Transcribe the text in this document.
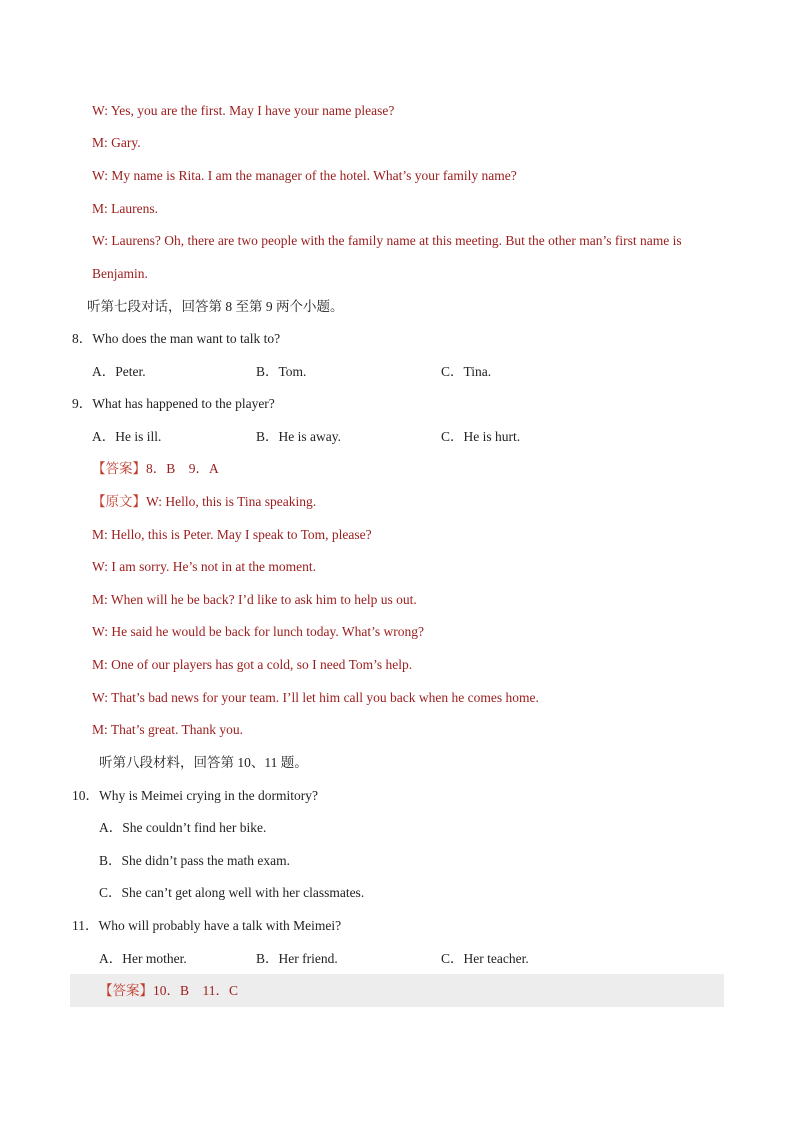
W: Yes, you are the first. May I have your name please?
M: Gary.
W: My name is Rita. I am the manager of the hotel. What’s your family name?
M: Laurens.
W: Laurens? Oh, there are two people with the family name at this meeting. But the other man’s first name is
Benjamin.
听第七段对话，回答第 8 至第 9 两个小题。
8．Who does the man want to talk to?
A．Peter.	B．Tom.	C．Tina.
9．What has happened to the player?
A．He is ill.	B．He is away.	C．He is hurt.
【答案】8．B　9．A
【原文】W: Hello, this is Tina speaking.
M: Hello, this is Peter. May I speak to Tom, please?
W: I am sorry. He’s not in at the moment.
M: When will he be back? I’d like to ask him to help us out.
W: He said he would be back for lunch today. What’s wrong?
M: One of our players has got a cold, so I need Tom’s help.
W: That’s bad news for your team. I’ll let him call you back when he comes home.
M: That’s great. Thank you.
听第八段材料，回答第 10、11 题。
10．Why is Meimei crying in the dormitory?
A．She couldn’t find her bike.
B．She didn’t pass the math exam.
C．She can’t get along well with her classmates.
11．Who will probably have a talk with Meimei?
A．Her mother.	B．Her friend.	C．Her teacher.
【答案】10．B　11．C
